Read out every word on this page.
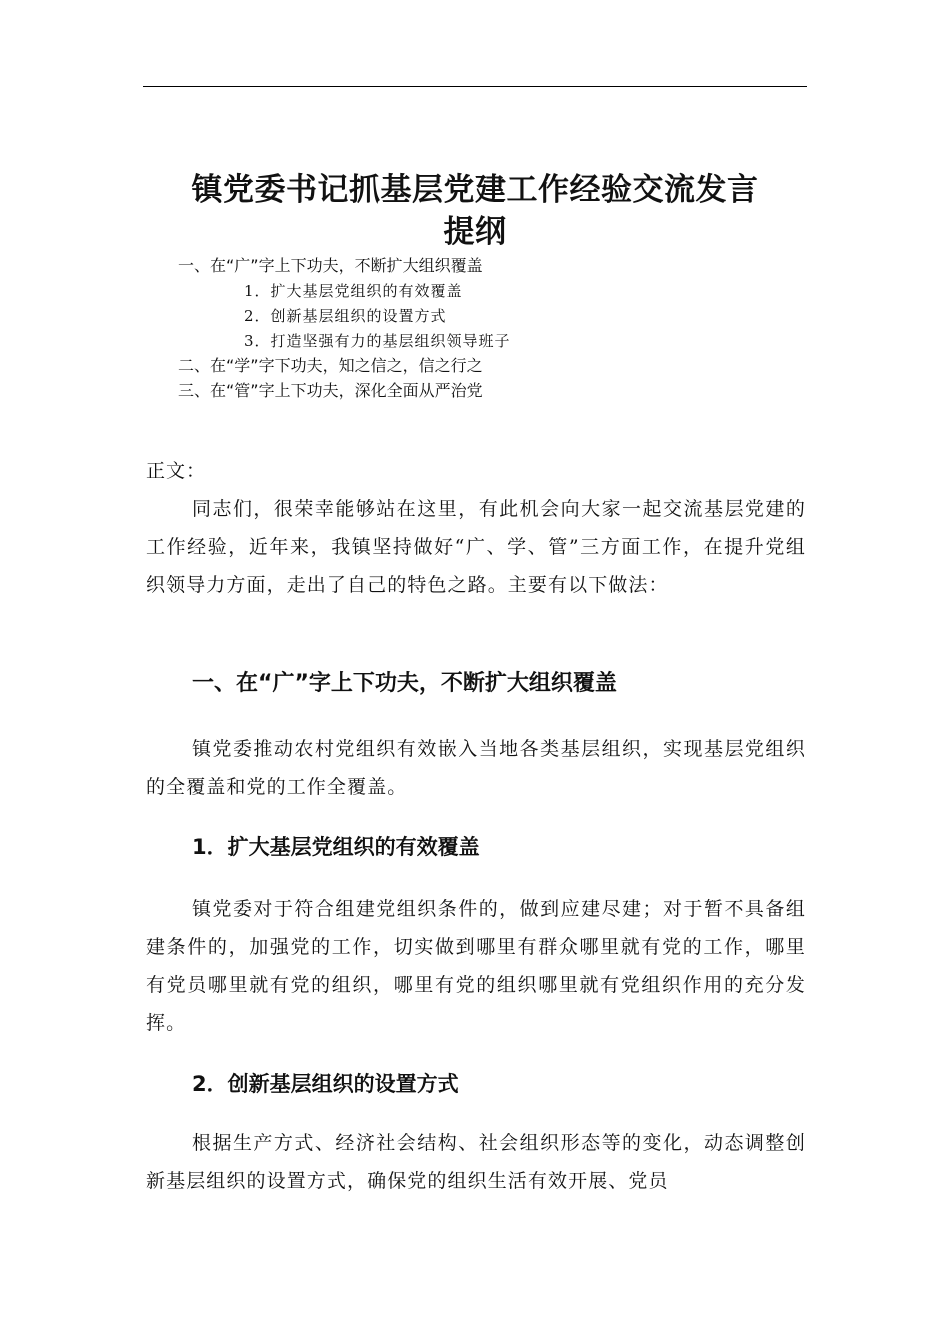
镇党委书记抓基层党建工作经验交流发言
提纲
一、在“广”字上下功夫，不断扩大组织覆盖
1．扩大基层党组织的有效覆盖
2．创新基层组织的设置方式
3．打造坚强有力的基层组织领导班子
二、在“学”字下功夫，知之信之，信之行之
三、在“管”字上下功夫，深化全面从严治党
正文：

同志们，很荣幸能够站在这里，有此机会向大家一起交流基层党建的工作经验，近年来，我镇坚持做好“广、学、管”三方面工作，在提升党组织领导力方面，走出了自己的特色之路。主要有以下做法：

一、在“广”字上下功夫，不断扩大组织覆盖

镇党委推动农村党组织有效嵌入当地各类基层组织，实现基层党组织的全覆盖和党的工作全覆盖。

1．扩大基层党组织的有效覆盖

镇党委对于符合组建党组织条件的，做到应建尽建；对于暂不具备组建条件的，加强党的工作，切实做到哪里有群众哪里就有党的工作，哪里有党员哪里就有党的组织，哪里有党的组织哪里就有党组织作用的充分发挥。

2．创新基层组织的设置方式

根据生产方式、经济社会结构、社会组织形态等的变化，动态调整创新基层组织的设置方式，确保党的组织生活有效开展、党员
